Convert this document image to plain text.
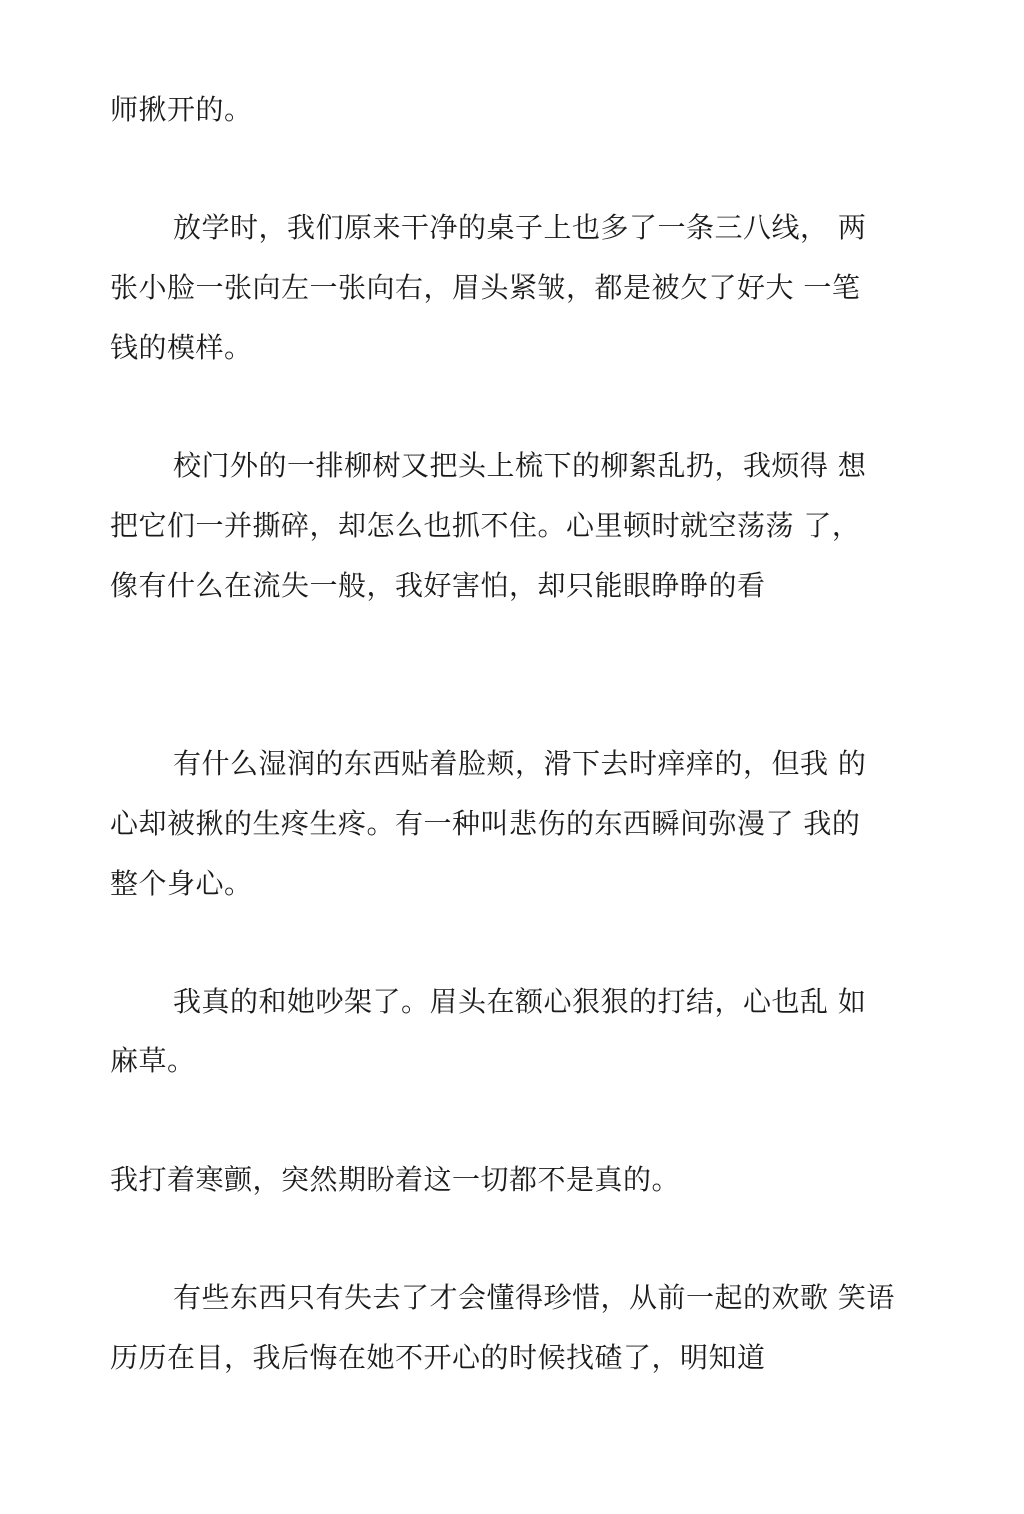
师揪开的。

放学时，我们原来干净的桌子上也多了一条三八线， 两

张小脸一张向左一张向右，眉头紧皱，都是被欠了好大 一笔

钱的模样。

校门外的一排柳树又把头上梳下的柳絮乱扔，我烦得 想

把它们一并撕碎，却怎么也抓不住。心里顿时就空荡荡 了，

像有什么在流失一般，我好害怕，却只能眼睁睁的看

有什么湿润的东西贴着脸颊，滑下去时痒痒的，但我 的

心却被揪的生疼生疼。有一种叫悲伤的东西瞬间弥漫了 我的

整个身心。

我真的和她吵架了。眉头在额心狠狠的打结，心也乱 如

麻草。

我打着寒颤，突然期盼着这一切都不是真的。

有些东西只有失去了才会懂得珍惜，从前一起的欢歌 笑语

历历在目，我后悔在她不开心的时候找碴了，明知道
